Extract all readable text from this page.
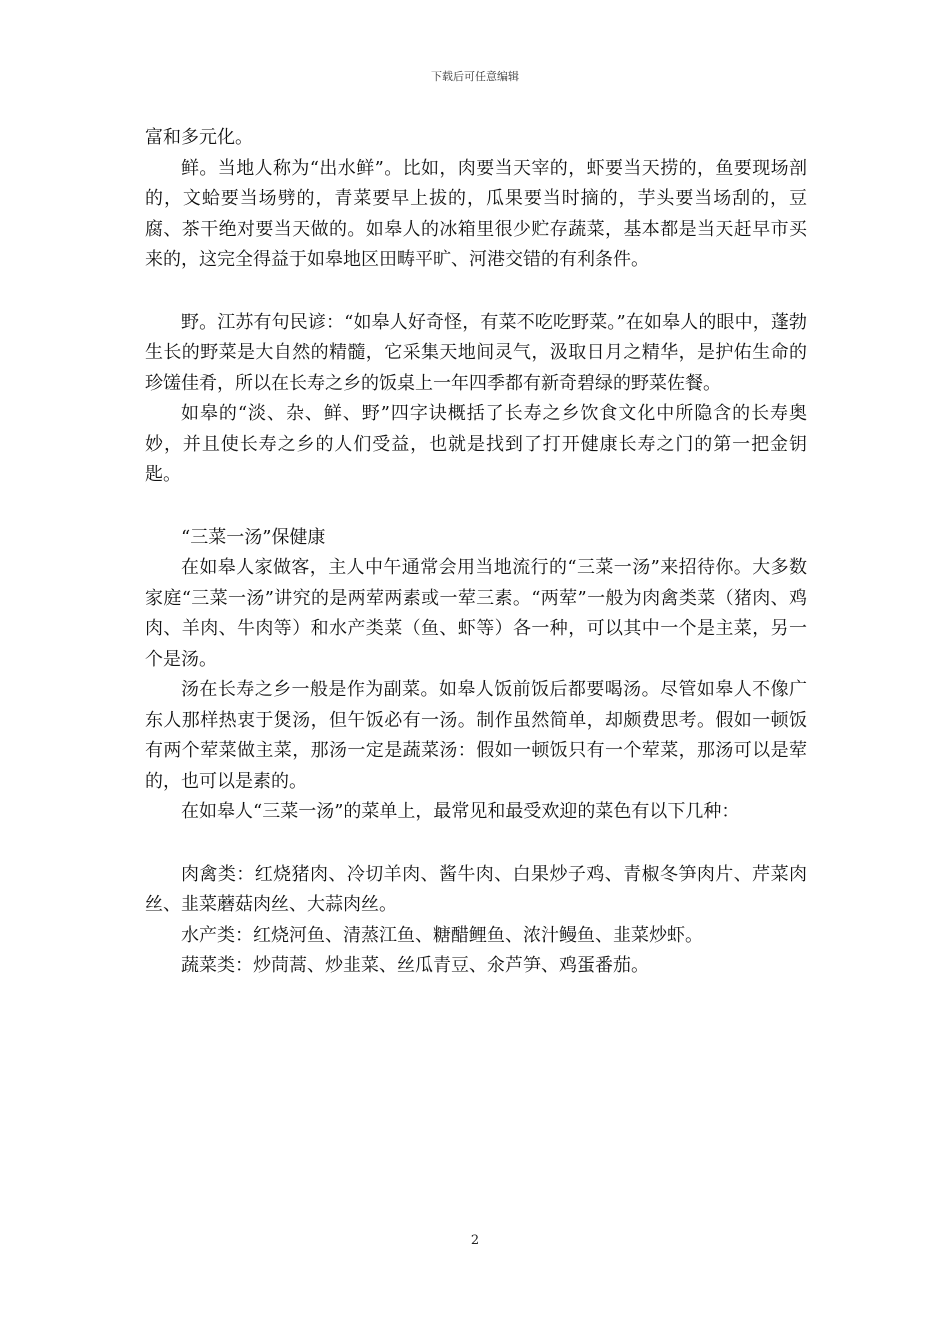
下载后可任意编辑

富和多元化。

鲜。当地人称为“出水鲜”。比如，肉要当天宰的，虾要当天捞的，鱼要现场剖的，文蛤要当场劈的，青菜要早上拔的，瓜果要当时摘的，芋头要当场刮的，豆腐、茶干绝对要当天做的。如皋人的冰箱里很少贮存蔬菜，基本都是当天赶早市买来的，这完全得益于如皋地区田畴平旷、河港交错的有利条件。

野。江苏有句民谚：“如皋人好奇怪，有菜不吃吃野菜。”在如皋人的眼中，蓬勃生长的野菜是大自然的精髓，它采集天地间灵气，汲取日月之精华，是护佑生命的珍馐佳肴，所以在长寿之乡的饭桌上一年四季都有新奇碧绿的野菜佐餐。

如皋的“淡、杂、鲜、野”四字诀概括了长寿之乡饮食文化中所隐含的长寿奥妙，并且使长寿之乡的人们受益，也就是找到了打开健康长寿之门的第一把金钥匙。

“三菜一汤”保健康

在如皋人家做客，主人中午通常会用当地流行的“三菜一汤”来招待你。大多数家庭“三菜一汤”讲究的是两荤两素或一荤三素。“两荤”一般为肉禽类菜（猪肉、鸡肉、羊肉、牛肉等）和水产类菜（鱼、虾等）各一种，可以其中一个是主菜，另一个是汤。

汤在长寿之乡一般是作为副菜。如皋人饭前饭后都要喝汤。尽管如皋人不像广东人那样热衷于煲汤，但午饭必有一汤。制作虽然简单，却颇费思考。假如一顿饭有两个荤菜做主菜，那汤一定是蔬菜汤：假如一顿饭只有一个荤菜，那汤可以是荤的，也可以是素的。

在如皋人“三菜一汤”的菜单上，最常见和最受欢迎的菜色有以下几种：

肉禽类：红烧猪肉、冷切羊肉、酱牛肉、白果炒子鸡、青椒冬笋肉片、芹菜肉丝、韭菜蘑菇肉丝、大蒜肉丝。

水产类：红烧河鱼、清蒸江鱼、糖醋鲤鱼、浓汁鳗鱼、韭菜炒虾。

蔬菜类：炒茼蒿、炒韭菜、丝瓜青豆、氽芦笋、鸡蛋番茄。

2
